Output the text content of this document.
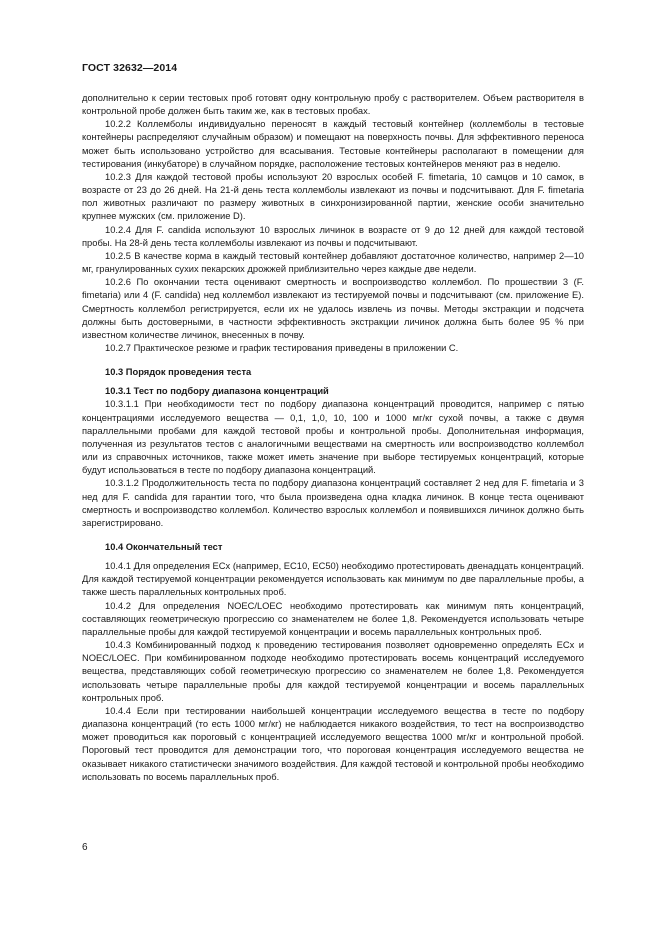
ГОСТ 32632—2014

дополнительно к серии тестовых проб готовят одну контрольную пробу с растворителем. Объем растворителя в контрольной пробе должен быть таким же, как в тестовых пробах.

10.2.2 Коллемболы индивидуально переносят в каждый тестовый контейнер (коллемболы в тестовые контейнеры распределяют случайным образом) и помещают на поверхность почвы. Для эффективного переноса может быть использовано устройство для всасывания. Тестовые контейнеры располагают в помещении для тестирования (инкубаторе) в случайном порядке, расположение тестовых контейнеров меняют раз в неделю.

10.2.3 Для каждой тестовой пробы используют 20 взрослых особей F. fimetaria, 10 самцов и 10 самок, в возрасте от 23 до 26 дней. На 21-й день теста коллемболы извлекают из почвы и подсчитывают. Для F. fimetaria пол животных различают по размеру животных в синхронизированной партии, женские особи значительно крупнее мужских (см. приложение D).

10.2.4 Для F. candida используют 10 взрослых личинок в возрасте от 9 до 12 дней для каждой тестовой пробы. На 28-й день теста коллемболы извлекают из почвы и подсчитывают.

10.2.5 В качестве корма в каждый тестовый контейнер добавляют достаточное количество, например 2—10 мг, гранулированных сухих пекарских дрожжей приблизительно через каждые две недели.

10.2.6 По окончании теста оценивают смертность и воспроизводство коллембол. По прошествии 3 (F. fimetaria) или 4 (F. candida) нед коллембол извлекают из тестируемой почвы и подсчитывают (см. приложение Е). Смертность коллембол регистрируется, если их не удалось извлечь из почвы. Методы экстракции и подсчета должны быть достоверными, в частности эффективность экстракции личинок должна быть более 95 % при известном количестве личинок, внесенных в почву.

10.2.7 Практическое резюме и график тестирования приведены в приложении С.

10.3 Порядок проведения теста

10.3.1 Тест по подбору диапазона концентраций

10.3.1.1 При необходимости тест по подбору диапазона концентраций проводится, например с пятью концентрациями исследуемого вещества — 0,1, 1,0, 10, 100 и 1000 мг/кг сухой почвы, а также с двумя параллельными пробами для каждой тестовой пробы и контрольной пробы. Дополнительная информация, полученная из результатов тестов с аналогичными веществами на смертность или воспроизводство коллембол или из справочных источников, также может иметь значение при выборе тестируемых концентраций, которые будут использоваться в тесте по подбору диапазона концентраций.

10.3.1.2 Продолжительность теста по подбору диапазона концентраций составляет 2 нед для F. fimetaria и 3 нед для F. candida для гарантии того, что была произведена одна кладка личинок. В конце теста оценивают смертность и воспроизводство коллембол. Количество взрослых коллембол и появившихся личинок должно быть зарегистрировано.

10.4 Окончательный тест

10.4.1 Для определения ECx (например, EC10, EC50) необходимо протестировать двенадцать концентраций. Для каждой тестируемой концентрации рекомендуется использовать как минимум по две параллельные пробы, а также шесть параллельных контрольных проб.

10.4.2 Для определения NOEC/LOEC необходимо протестировать как минимум пять концентраций, составляющих геометрическую прогрессию со знаменателем не более 1,8. Рекомендуется использовать четыре параллельные пробы для каждой тестируемой концентрации и восемь параллельных контрольных проб.

10.4.3 Комбинированный подход к проведению тестирования позволяет одновременно определять ECx и NOEC/LOEC. При комбинированном подходе необходимо протестировать восемь концентраций исследуемого вещества, представляющих собой геометрическую прогрессию со знаменателем не более 1,8. Рекомендуется использовать четыре параллельные пробы для каждой тестируемой концентрации и восемь параллельных контрольных проб.

10.4.4 Если при тестировании наибольшей концентрации исследуемого вещества в тесте по подбору диапазона концентраций (то есть 1000 мг/кг) не наблюдается никакого воздействия, то тест на воспроизводство может проводиться как пороговый с концентрацией исследуемого вещества 1000 мг/кг и контрольной пробой. Пороговый тест проводится для демонстрации того, что пороговая концентрация исследуемого вещества не оказывает никакого статистически значимого воздействия. Для каждой тестовой и контрольной пробы необходимо использовать по восемь параллельных проб.

6
